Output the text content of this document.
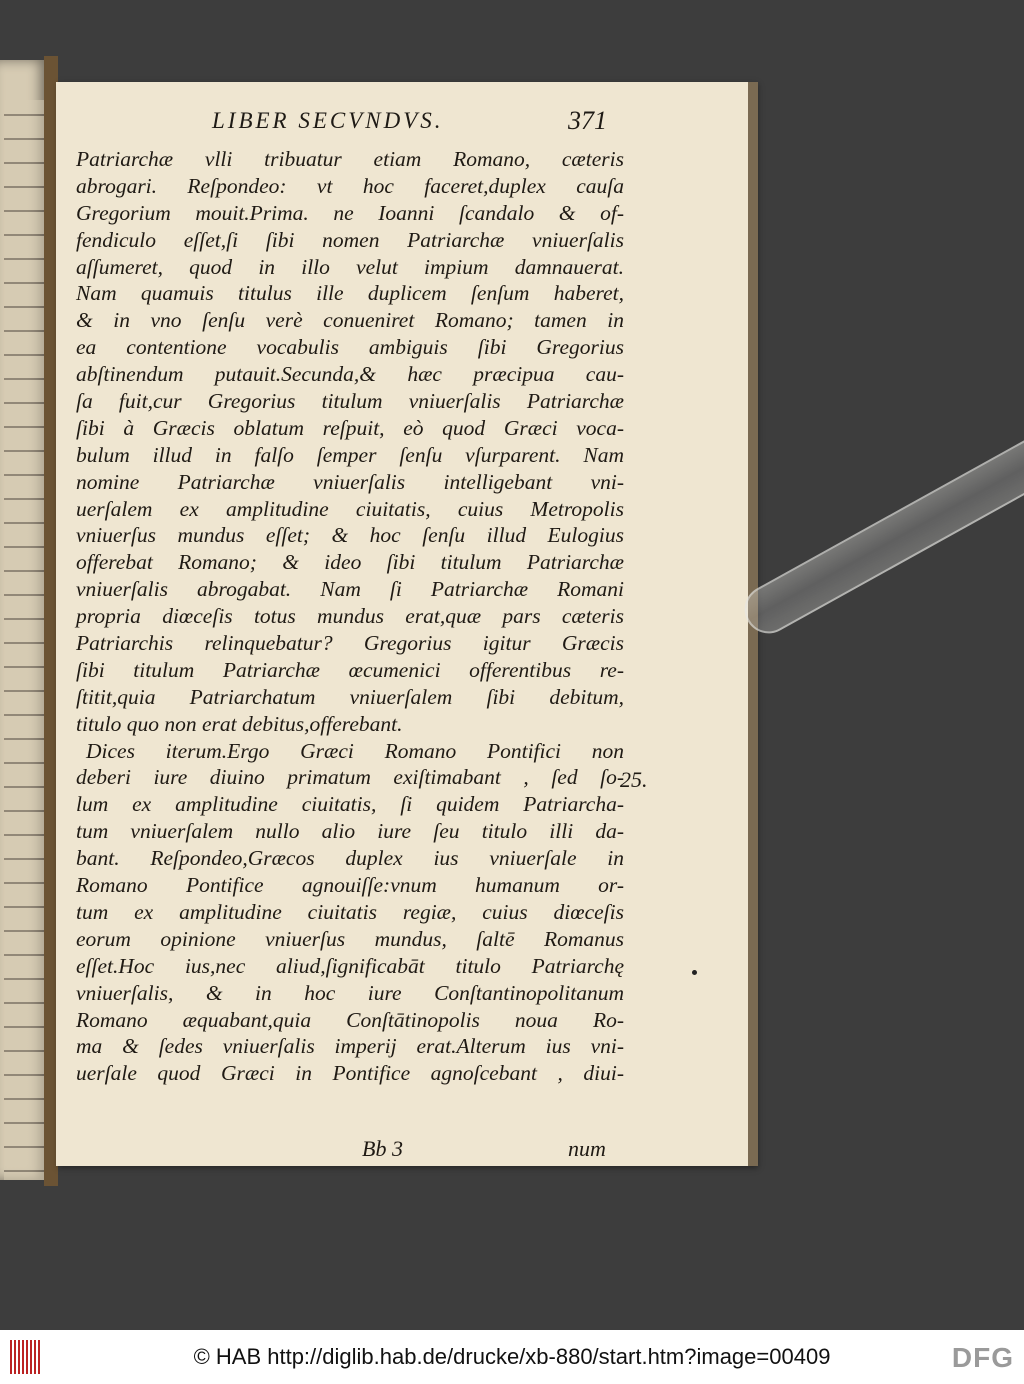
LIBER SECVNDVS.	371
Patriarchæ vlli tribuatur etiam Romano, cæteris
abrogari. Reſpondeo: vt hoc faceret,duplex cauſa
Gregorium mouit.Prima. ne Ioanni ſcandalo & of-
fendiculo eſſet,ſi ſibi nomen Patriarchæ vniuerſalis
aſſumeret, quod in illo velut impium damnauerat.
Nam quamuis titulus ille duplicem ſenſum haberet,
& in vno ſenſu verè conueniret Romano; tamen in
ea contentione vocabulis ambiguis ſibi Gregorius
abſtinendum putauit.Secunda,& hæc præcipua cau-
ſa fuit,cur Gregorius titulum vniuerſalis Patriarchæ
ſibi à Græcis oblatum reſpuit, eò quod Græci voca-
bulum illud in falſo ſemper ſenſu vſurparent. Nam
nomine Patriarchæ vniuerſalis intelligebant vni-
uerſalem ex amplitudine ciuitatis, cuius Metropolis
vniuerſus mundus eſſet; & hoc ſenſu illud Eulogius
offerebat Romano; & ideo ſibi titulum Patriarchæ
vniuerſalis abrogabat. Nam ſi Patriarchæ Romani
propria diœceſis totus mundus erat,quæ pars cæteris
Patriarchis relinquebatur? Gregorius igitur Græcis
ſibi titulum Patriarchæ œcumenici offerentibus re-
ſtitit,quia Patriarchatum vniuerſalem ſibi debitum,
titulo quo non erat debitus,offerebant.
Dices iterum.Ergo Græci Romano Pontifici non
deberi iure diuino primatum exiſtimabant , ſed ſo-
lum ex amplitudine ciuitatis, ſi quidem Patriarcha-
tum vniuerſalem nullo alio iure ſeu titulo illi da-
bant. Reſpondeo,Græcos duplex ius vniuerſale in
Romano Pontifice agnouiſſe:vnum humanum or-
tum ex amplitudine ciuitatis regiæ, cuius diœceſis
eorum opinione vniuerſus mundus, ſaltē Romanus
eſſet.Hoc ius,nec aliud,ſignificabāt titulo Patriarchę
vniuerſalis, & in hoc iure Conſtantinopolitanum
Romano æquabant,quia Conſtātinopolis noua Ro-
ma & ſedes vniuerſalis imperij erat.Alterum ius vni-
uerſale quod Græci in Pontifice agnoſcebant , diui-
25.
Bb 3	num
© HAB http://diglib.hab.de/drucke/xb-880/start.htm?image=00409	DFG
